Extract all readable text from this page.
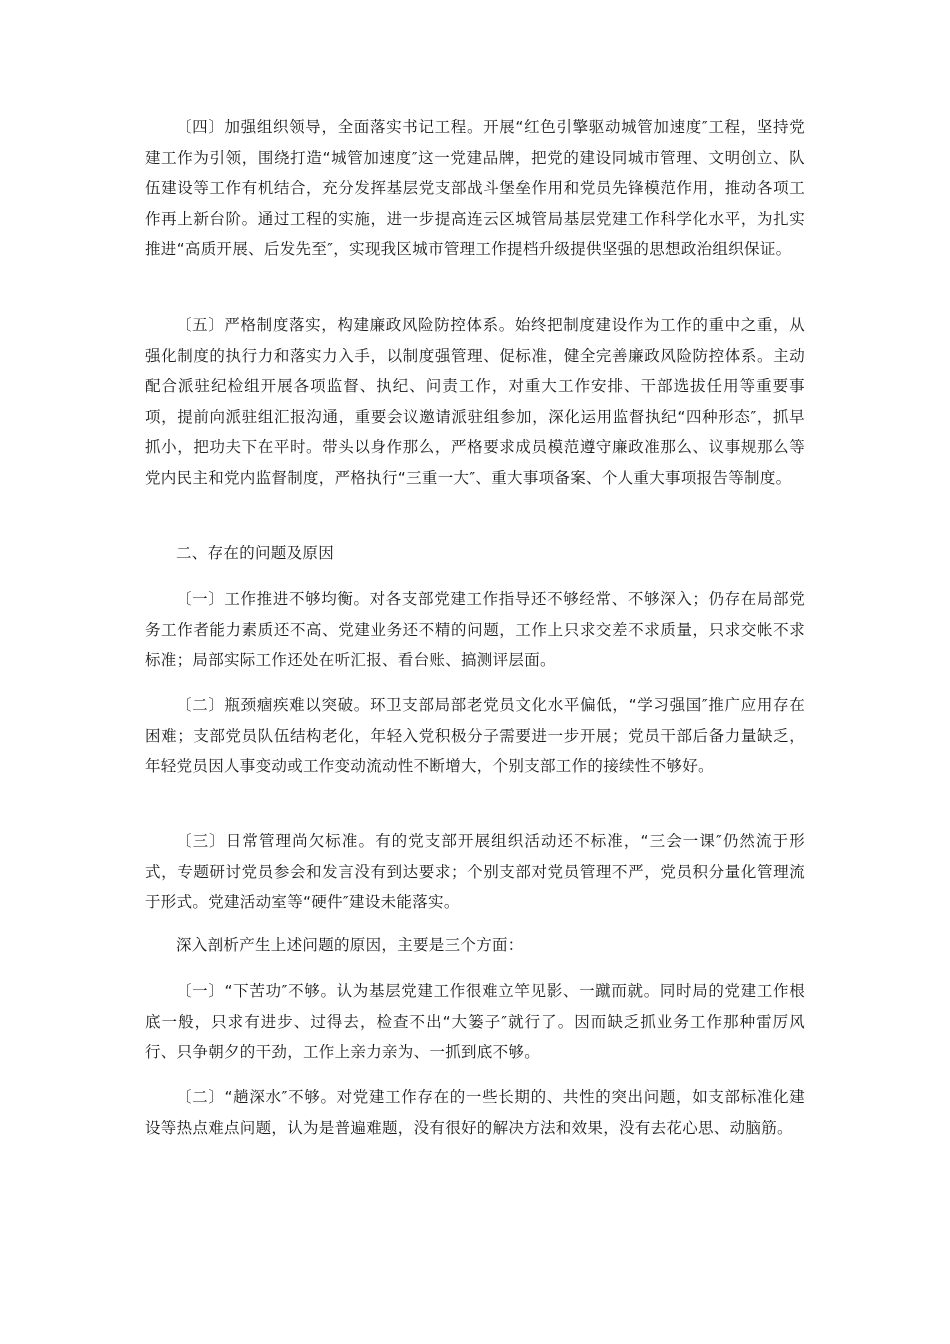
〔四〕加强组织领导，全面落实书记工程。开展“红色引擎驱动城管加速度″工程，坚持党建工作为引领，围绕打造“城管加速度″这一党建品牌，把党的建设同城市管理、文明创立、队伍建设等工作有机结合，充分发挥基层党支部战斗堡垒作用和党员先锋模范作用，推动各项工作再上新台阶。通过工程的实施，进一步提高连云区城管局基层党建工作科学化水平，为扎实推进“高质开展、后发先至″，实现我区城市管理工作提档升级提供坚强的思想政治组织保证。

〔五〕严格制度落实，构建廉政风险防控体系。始终把制度建设作为工作的重中之重，从强化制度的执行力和落实力入手，以制度强管理、促标准，健全完善廉政风险防控体系。主动配合派驻纪检组开展各项监督、执纪、问责工作，对重大工作安排、干部选拔任用等重要事项，提前向派驻组汇报沟通，重要会议邀请派驻组参加，深化运用监督执纪“四种形态″，抓早抓小，把功夫下在平时。带头以身作那么，严格要求成员模范遵守廉政准那么、议事规那么等党内民主和党内监督制度，严格执行“三重一大″、重大事项备案、个人重大事项报告等制度。

二、存在的问题及原因

〔一〕工作推进不够均衡。对各支部党建工作指导还不够经常、不够深入；仍存在局部党务工作者能力素质还不高、党建业务还不精的问题，工作上只求交差不求质量，只求交帐不求标准；局部实际工作还处在听汇报、看台账、搞测评层面。

〔二〕瓶颈痼疾难以突破。环卫支部局部老党员文化水平偏低，“学习强国″推广应用存在困难；支部党员队伍结构老化，年轻入党积极分子需要进一步开展；党员干部后备力量缺乏，年轻党员因人事变动或工作变动流动性不断增大，个别支部工作的接续性不够好。

〔三〕日常管理尚欠标准。有的党支部开展组织活动还不标准，“三会一课″仍然流于形式，专题研讨党员参会和发言没有到达要求；个别支部对党员管理不严，党员积分量化管理流于形式。党建活动室等“硬件″建设未能落实。

深入剖析产生上述问题的原因，主要是三个方面：

〔一〕“下苦功″不够。认为基层党建工作很难立竿见影、一蹴而就。同时局的党建工作根底一般，只求有进步、过得去，检查不出“大篓子″就行了。因而缺乏抓业务工作那种雷厉风行、只争朝夕的干劲，工作上亲力亲为、一抓到底不够。

〔二〕“趟深水″不够。对党建工作存在的一些长期的、共性的突出问题，如支部标准化建设等热点难点问题，认为是普遍难题，没有很好的解决方法和效果，没有去花心思、动脑筋。
